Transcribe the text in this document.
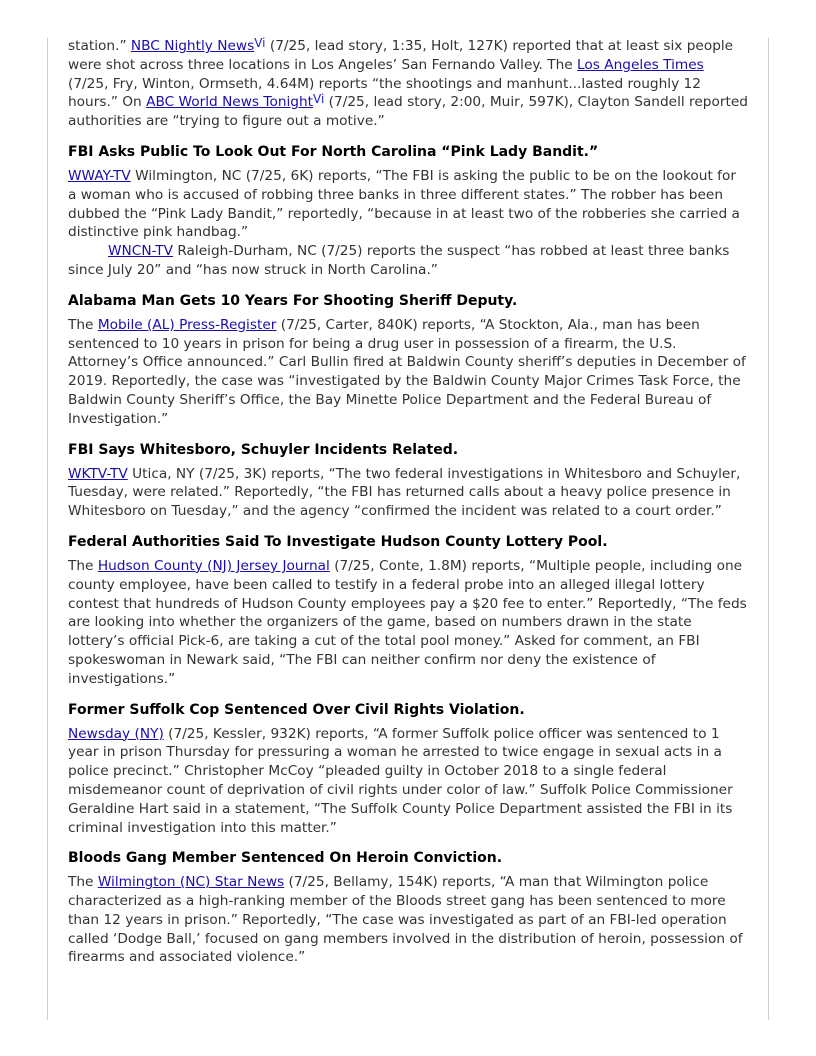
station.” NBC Nightly News$^{Vi}$ (7/25, lead story, 1:35, Holt, 127K) reported that at least six people were shot across three locations in Los Angeles’ San Fernando Valley. The Los Angeles Times (7/25, Fry, Winton, Ormseth, 4.64M) reports “the shootings and manhunt...lasted roughly 12 hours.” On ABC World News Tonight$^{Vi}$ (7/25, lead story, 2:00, Muir, 597K), Clayton Sandell reported authorities are “trying to figure out a motive.”

FBI Asks Public To Look Out For North Carolina “Pink Lady Bandit.”

WWAY-TV Wilmington, NC (7/25, 6K) reports, “The FBI is asking the public to be on the lookout for a woman who is accused of robbing three banks in three different states.” The robber has been dubbed the “Pink Lady Bandit,” reportedly, “because in at least two of the robberies she carried a distinctive pink handbag.”

WNCN-TV Raleigh-Durham, NC (7/25) reports the suspect “has robbed at least three banks since July 20” and “has now struck in North Carolina.”

Alabama Man Gets 10 Years For Shooting Sheriff Deputy.

The Mobile (AL) Press-Register (7/25, Carter, 840K) reports, “A Stockton, Ala., man has been sentenced to 10 years in prison for being a drug user in possession of a firearm, the U.S. Attorney’s Office announced.” Carl Bullin fired at Baldwin County sheriff’s deputies in December of 2019. Reportedly, the case was “investigated by the Baldwin County Major Crimes Task Force, the Baldwin County Sheriff’s Office, the Bay Minette Police Department and the Federal Bureau of Investigation.”

FBI Says Whitesboro, Schuyler Incidents Related.

WKTV-TV Utica, NY (7/25, 3K) reports, “The two federal investigations in Whitesboro and Schuyler, Tuesday, were related.” Reportedly, “the FBI has returned calls about a heavy police presence in Whitesboro on Tuesday,” and the agency “confirmed the incident was related to a court order.”

Federal Authorities Said To Investigate Hudson County Lottery Pool.

The Hudson County (NJ) Jersey Journal (7/25, Conte, 1.8M) reports, “Multiple people, including one county employee, have been called to testify in a federal probe into an alleged illegal lottery contest that hundreds of Hudson County employees pay a $20 fee to enter.” Reportedly, “The feds are looking into whether the organizers of the game, based on numbers drawn in the state lottery’s official Pick-6, are taking a cut of the total pool money.” Asked for comment, an FBI spokeswoman in Newark said, “The FBI can neither confirm nor deny the existence of investigations.”

Former Suffolk Cop Sentenced Over Civil Rights Violation.

Newsday (NY) (7/25, Kessler, 932K) reports, “A former Suffolk police officer was sentenced to 1 year in prison Thursday for pressuring a woman he arrested to twice engage in sexual acts in a police precinct.” Christopher McCoy “pleaded guilty in October 2018 to a single federal misdemeanor count of deprivation of civil rights under color of law.” Suffolk Police Commissioner Geraldine Hart said in a statement, “The Suffolk County Police Department assisted the FBI in its criminal investigation into this matter.”

Bloods Gang Member Sentenced On Heroin Conviction.

The Wilmington (NC) Star News (7/25, Bellamy, 154K) reports, “A man that Wilmington police characterized as a high-ranking member of the Bloods street gang has been sentenced to more than 12 years in prison.” Reportedly, “The case was investigated as part of an FBI-led operation called ‘Dodge Ball,’ focused on gang members involved in the distribution of heroin, possession of firearms and associated violence.”
